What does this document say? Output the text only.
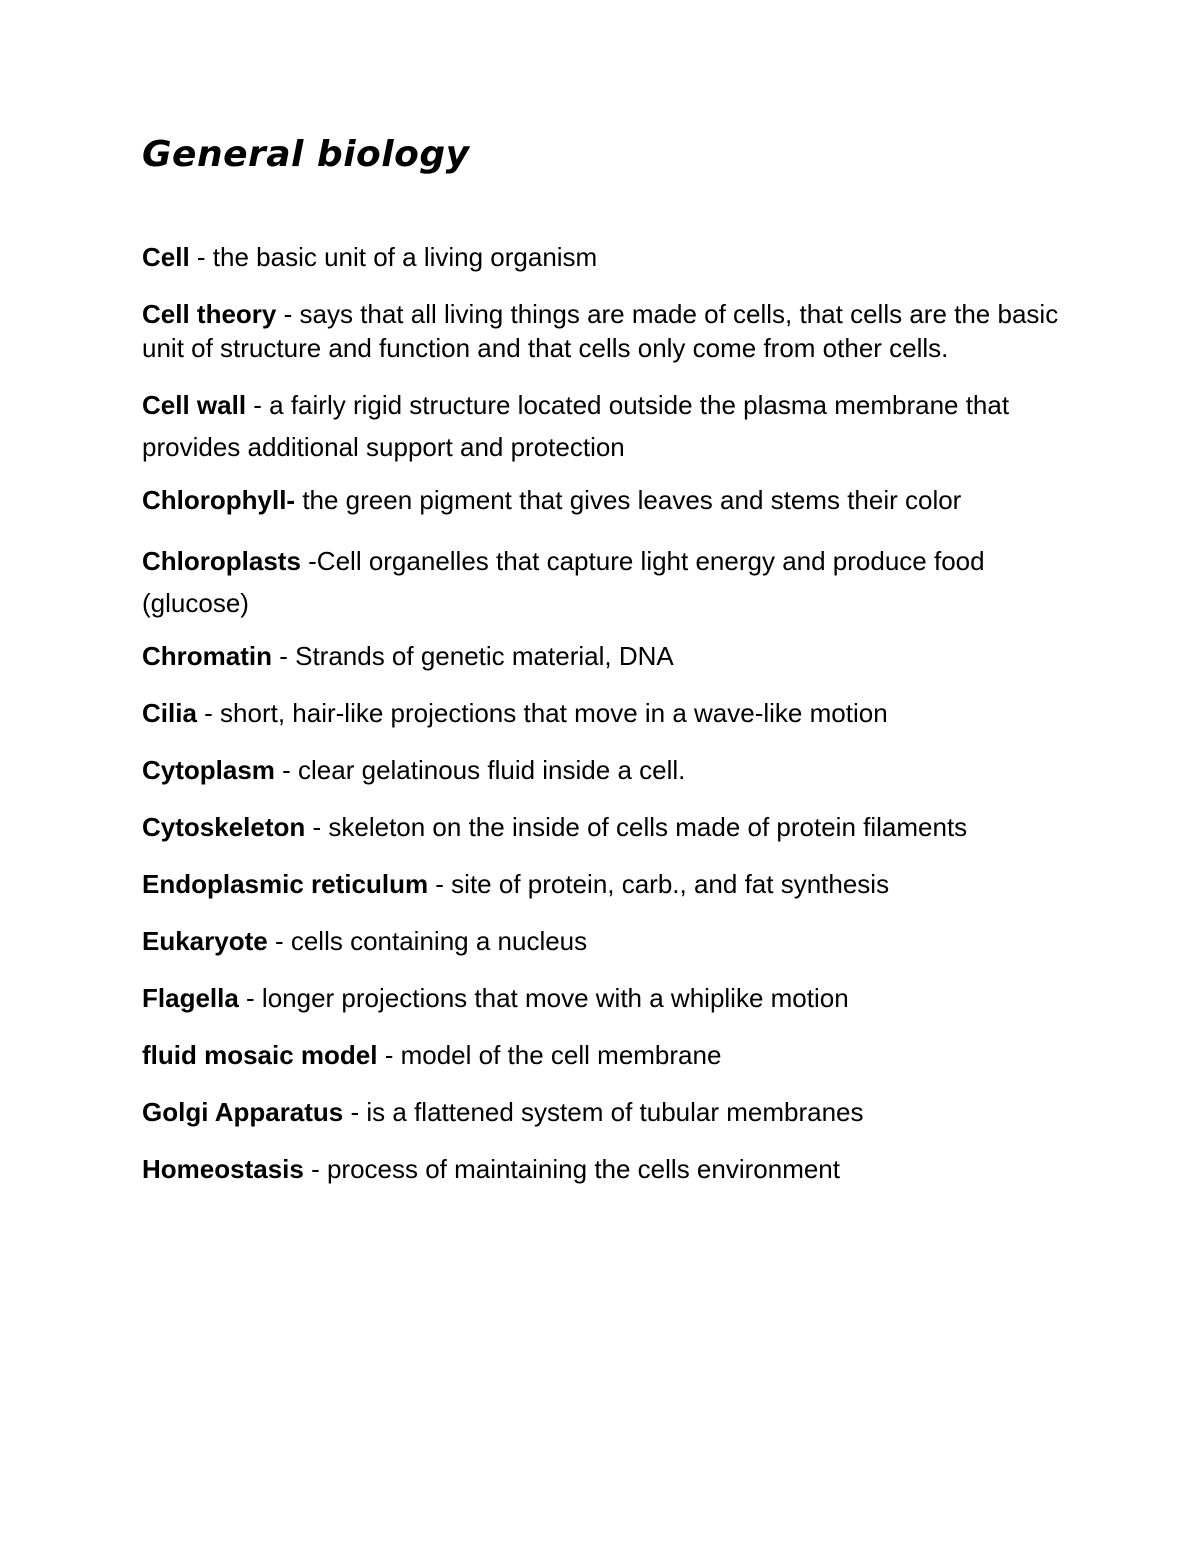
General biology
Cell - the basic unit of a living organism
Cell theory - says that all living things are made of cells, that cells are the basic unit of structure and function and that cells only come from other cells.
Cell wall - a fairly rigid structure located outside the plasma membrane that provides additional support and protection
Chlorophyll- the green pigment that gives leaves and stems their color
Chloroplasts -Cell organelles that capture light energy and produce food (glucose)
Chromatin - Strands of genetic material, DNA
Cilia - short, hair-like projections that move in a wave-like motion
Cytoplasm - clear gelatinous fluid inside a cell.
Cytoskeleton - skeleton on the inside of cells made of protein filaments
Endoplasmic reticulum - site of protein, carb., and fat synthesis
Eukaryote - cells containing a nucleus
Flagella - longer projections that move with a whiplike motion
fluid mosaic model - model of the cell membrane
Golgi Apparatus - is a flattened system of tubular membranes
Homeostasis - process of maintaining the cells environment
